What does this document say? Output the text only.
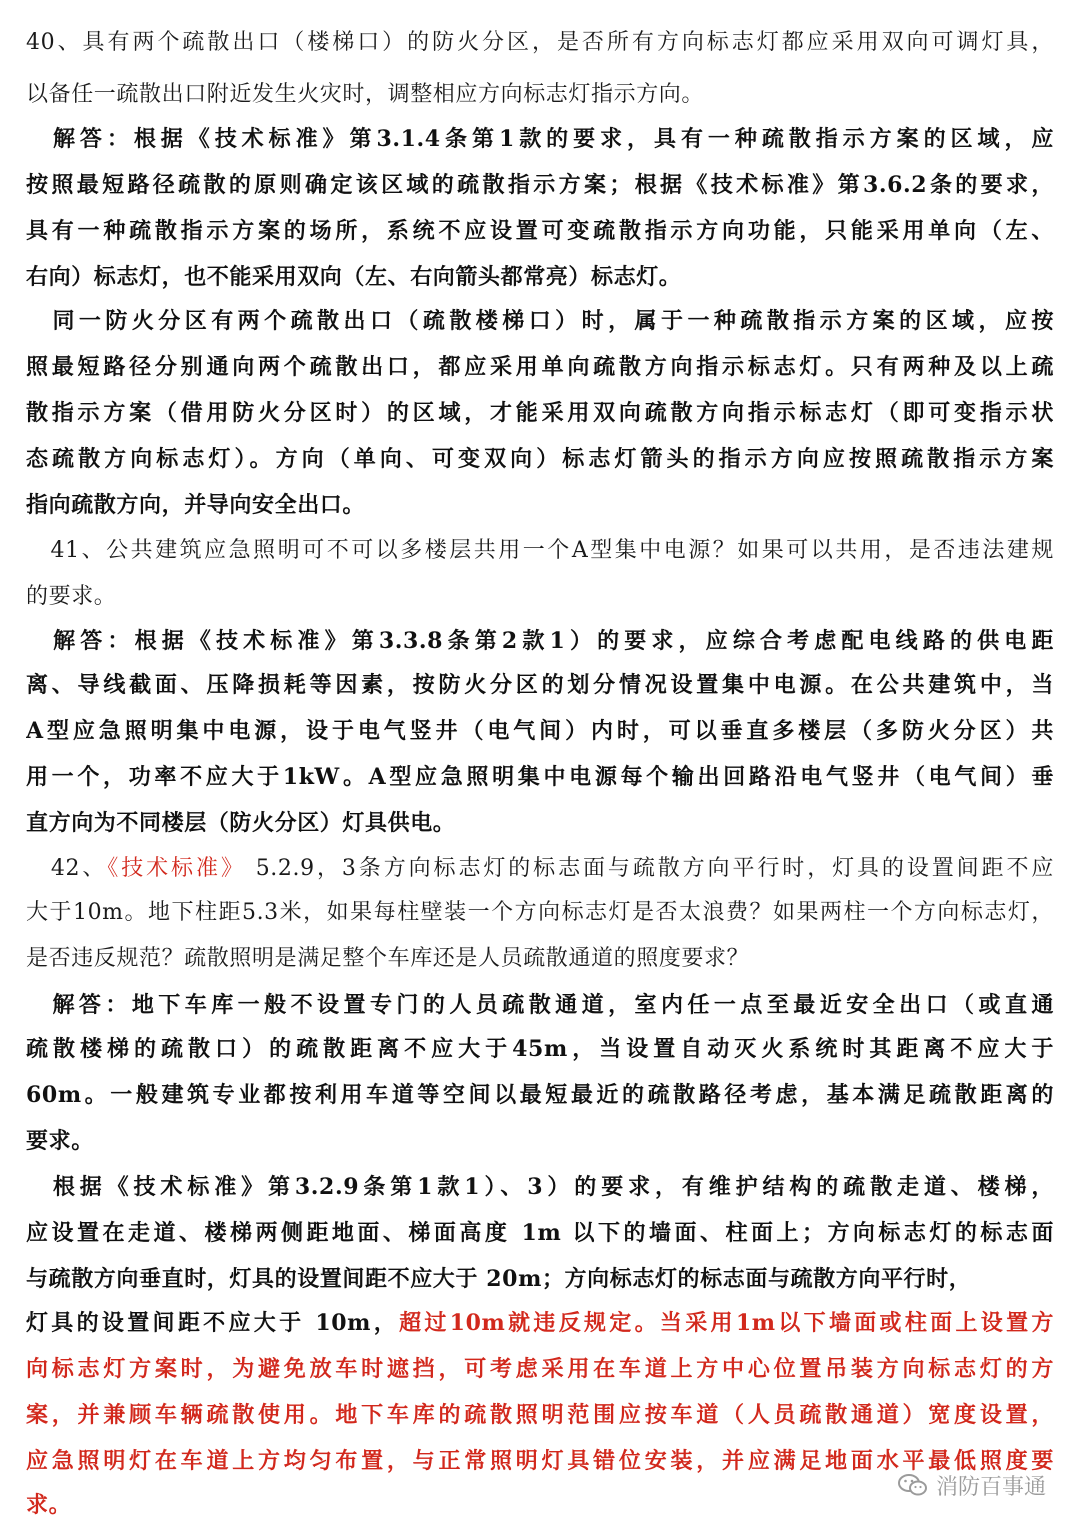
40、具有两个疏散出口（楼梯口）的防火分区，是否所有方向标志灯都应采用双向可调灯具，
以备任一疏散出口附近发生火灾时，调整相应方向标志灯指示方向。
　解答：根据《技术标准》第3.1.4条第1款的要求，具有一种疏散指示方案的区域，应
按照最短路径疏散的原则确定该区域的疏散指示方案；根据《技术标准》第3.6.2条的要求，
具有一种疏散指示方案的场所，系统不应设置可变疏散指示方向功能，只能采用单向（左、
右向）标志灯，也不能采用双向（左、右向箭头都常亮）标志灯。
　同一防火分区有两个疏散出口（疏散楼梯口）时，属于一种疏散指示方案的区域，应按
照最短路径分别通向两个疏散出口，都应采用单向疏散方向指示标志灯。只有两种及以上疏
散指示方案（借用防火分区时）的区域，才能采用双向疏散方向指示标志灯（即可变指示状
态疏散方向标志灯）。方向（单向、可变双向）标志灯箭头的指示方向应按照疏散指示方案
指向疏散方向，并导向安全出口。
　41、公共建筑应急照明可不可以多楼层共用一个A型集中电源？如果可以共用，是否违法建规
的要求。
　解答：根据《技术标准》第3.3.8条第2款1）的要求，应综合考虑配电线路的供电距
离、导线截面、压降损耗等因素，按防火分区的划分情况设置集中电源。在公共建筑中，当
A型应急照明集中电源，设于电气竖井（电气间）内时，可以垂直多楼层（多防火分区）共
用一个，功率不应大于1kW。A型应急照明集中电源每个输出回路沿电气竖井（电气间）垂
直方向为不同楼层（防火分区）灯具供电。
　42、《技术标准》 5.2.9，3条方向标志灯的标志面与疏散方向平行时，灯具的设置间距不应
大于10m。地下柱距5.3米，如果每柱壁装一个方向标志灯是否太浪费？如果两柱一个方向标志灯，
是否违反规范？疏散照明是满足整个车库还是人员疏散通道的照度要求？
　解答：地下车库一般不设置专门的人员疏散通道，室内任一点至最近安全出口（或直通
疏散楼梯的疏散口）的疏散距离不应大于45m，当设置自动灭火系统时其距离不应大于
60m。一般建筑专业都按利用车道等空间以最短最近的疏散路径考虑，基本满足疏散距离的
要求。
　根据《技术标准》第3.2.9条第1款1）、3）的要求，有维护结构的疏散走道、楼梯，
应设置在走道、楼梯两侧距地面、梯面高度 1m 以下的墙面、柱面上；方向标志灯的标志面
与疏散方向垂直时，灯具的设置间距不应大于 20m；方向标志灯的标志面与疏散方向平行时，
灯具的设置间距不应大于 10m，超过10m就违反规定。当采用1m以下墙面或柱面上设置方
向标志灯方案时，为避免放车时遮挡，可考虑采用在车道上方中心位置吊装方向标志灯的方
案，并兼顾车辆疏散使用。地下车库的疏散照明范围应按车道（人员疏散通道）宽度设置，
应急照明灯在车道上方均匀布置，与正常照明灯具错位安装，并应满足地面水平最低照度要
求。
消防百事通
